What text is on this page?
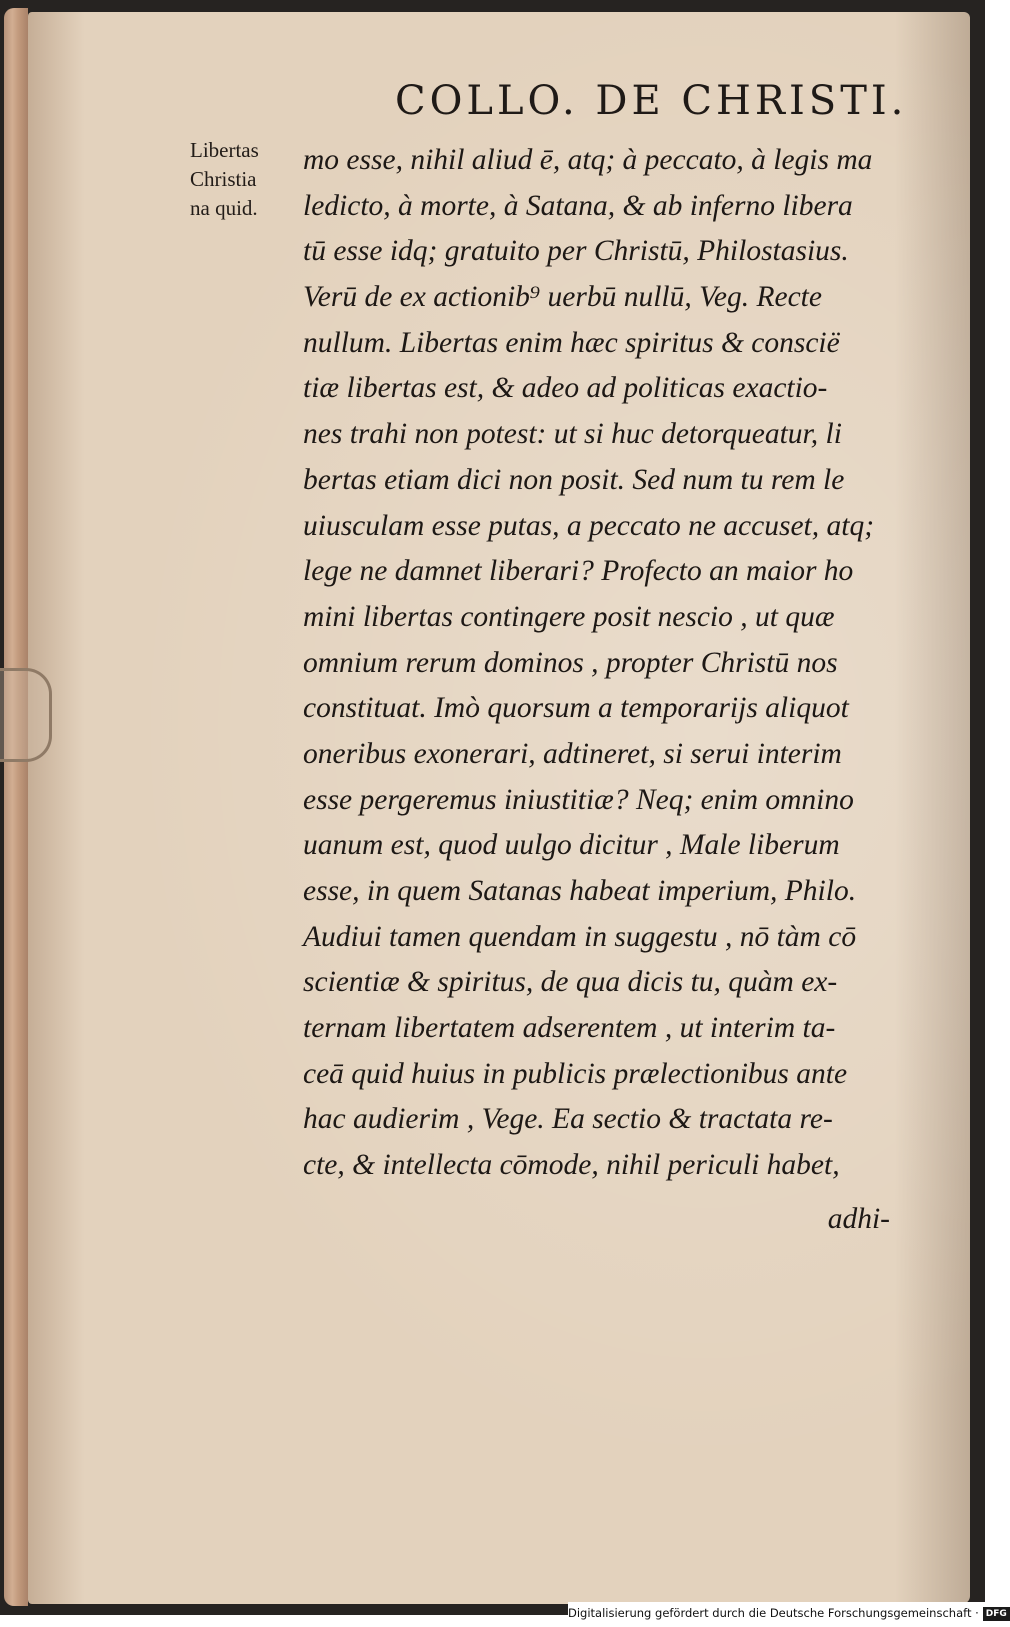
COLLO. DE CHRISTI.
Libertas
Christia
na quid.
mo esse, nihil aliud ē, atq; à peccato, à legis ma
ledicto, à morte, à Satana, & ab inferno libera
tū esse idq; gratuito per Christū, Philostasius.
Verū de ex actionib⁹ uerbū nullū, Veg. Recte
nullum. Libertas enim hæc spiritus & conscië
tiæ libertas est, & adeo ad politicas exactio-
nes trahi non potest: ut si huc detorqueatur, li
bertas etiam dici non posit. Sed num tu rem le
uiusculam esse putas, a peccato ne accuset, atq;
lege ne damnet liberari? Profecto an maior ho
mini libertas contingere posit nescio , ut quæ
omnium rerum dominos , propter Christū nos
constituat. Imò quorsum a temporarijs aliquot
oneribus exonerari, adtineret, si serui interim
esse pergeremus iniustitiæ? Neq; enim omnino
uanum est, quod uulgo dicitur , Male liberum
esse, in quem Satanas habeat imperium, Philo.
Audiui tamen quendam in suggestu , nō tàm cō
scientiæ & spiritus, de qua dicis tu, quàm ex-
ternam libertatem adserentem , ut interim ta-
ceā quid huius in publicis prælectionibus ante
hac audierim , Vege. Ea sectio & tractata re-
cte, & intellecta cōmode, nihil periculi habet,
adhi-
Digitalisierung gefördert durch die Deutsche Forschungsgemeinschaft · DFG
